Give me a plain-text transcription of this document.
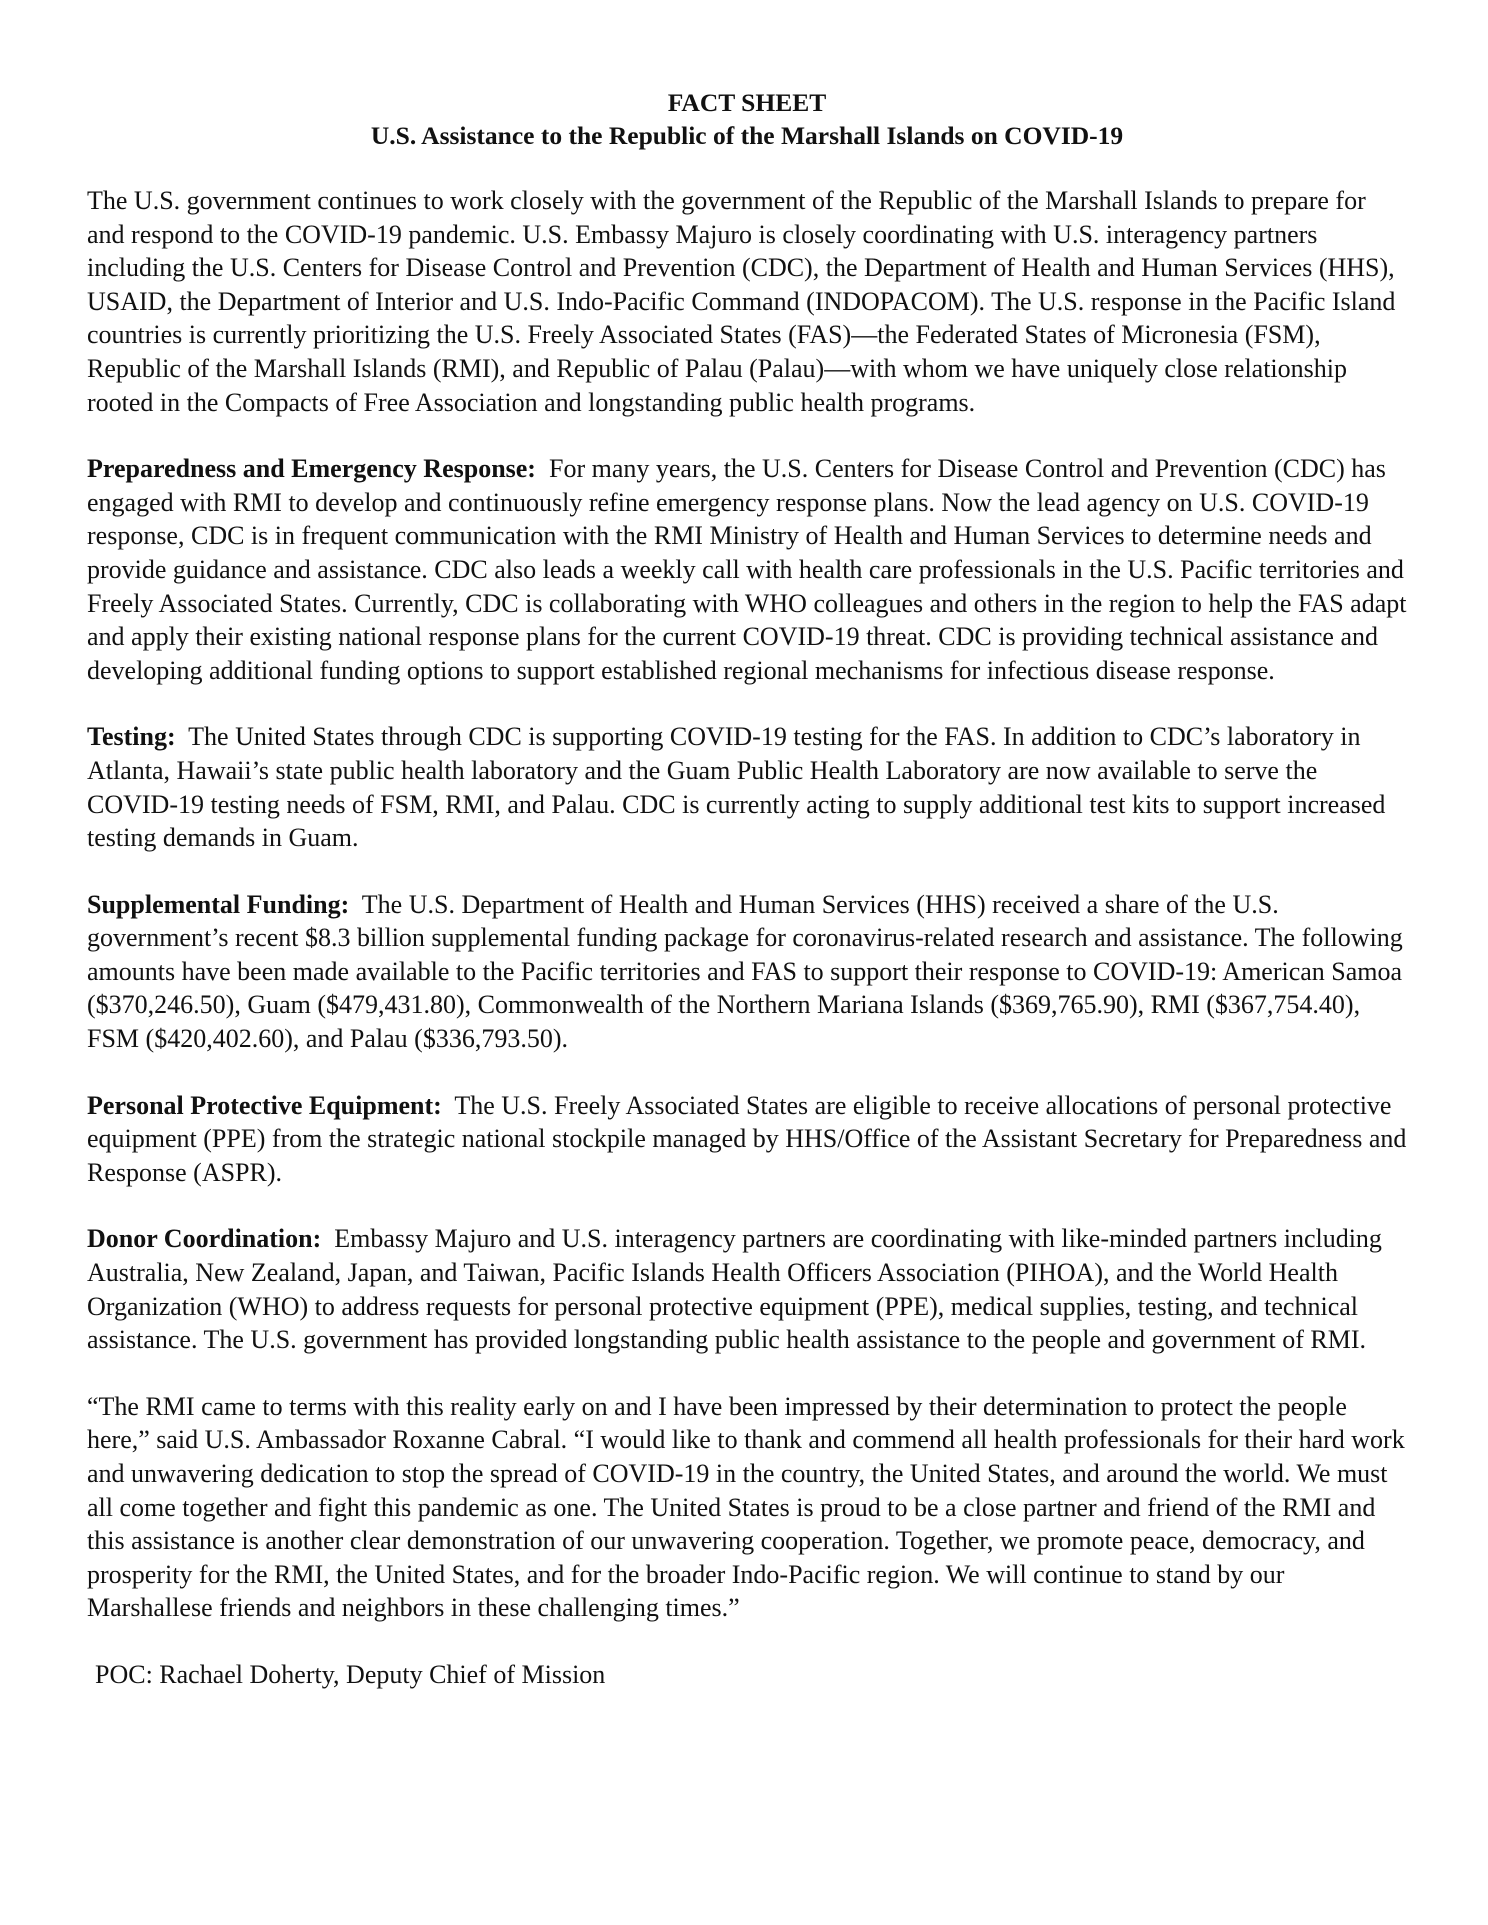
FACT SHEET
U.S. Assistance to the Republic of the Marshall Islands on COVID-19

The U.S. government continues to work closely with the government of the Republic of the Marshall Islands to prepare for and respond to the COVID-19 pandemic. U.S. Embassy Majuro is closely coordinating with U.S. interagency partners including the U.S. Centers for Disease Control and Prevention (CDC), the Department of Health and Human Services (HHS), USAID, the Department of Interior and U.S. Indo-Pacific Command (INDOPACOM). The U.S. response in the Pacific Island countries is currently prioritizing the U.S. Freely Associated States (FAS)—the Federated States of Micronesia (FSM), Republic of the Marshall Islands (RMI), and Republic of Palau (Palau)—with whom we have uniquely close relationship rooted in the Compacts of Free Association and longstanding public health programs.

Preparedness and Emergency Response: For many years, the U.S. Centers for Disease Control and Prevention (CDC) has engaged with RMI to develop and continuously refine emergency response plans. Now the lead agency on U.S. COVID-19 response, CDC is in frequent communication with the RMI Ministry of Health and Human Services to determine needs and provide guidance and assistance. CDC also leads a weekly call with health care professionals in the U.S. Pacific territories and Freely Associated States. Currently, CDC is collaborating with WHO colleagues and others in the region to help the FAS adapt and apply their existing national response plans for the current COVID-19 threat. CDC is providing technical assistance and developing additional funding options to support established regional mechanisms for infectious disease response.

Testing: The United States through CDC is supporting COVID-19 testing for the FAS. In addition to CDC’s laboratory in Atlanta, Hawaii’s state public health laboratory and the Guam Public Health Laboratory are now available to serve the COVID-19 testing needs of FSM, RMI, and Palau. CDC is currently acting to supply additional test kits to support increased testing demands in Guam.

Supplemental Funding: The U.S. Department of Health and Human Services (HHS) received a share of the U.S. government’s recent $8.3 billion supplemental funding package for coronavirus-related research and assistance. The following amounts have been made available to the Pacific territories and FAS to support their response to COVID-19: American Samoa ($370,246.50), Guam ($479,431.80), Commonwealth of the Northern Mariana Islands ($369,765.90), RMI ($367,754.40), FSM ($420,402.60), and Palau ($336,793.50).

Personal Protective Equipment: The U.S. Freely Associated States are eligible to receive allocations of personal protective equipment (PPE) from the strategic national stockpile managed by HHS/Office of the Assistant Secretary for Preparedness and Response (ASPR).

Donor Coordination: Embassy Majuro and U.S. interagency partners are coordinating with like-minded partners including Australia, New Zealand, Japan, and Taiwan, Pacific Islands Health Officers Association (PIHOA), and the World Health Organization (WHO) to address requests for personal protective equipment (PPE), medical supplies, testing, and technical assistance. The U.S. government has provided longstanding public health assistance to the people and government of RMI.

“The RMI came to terms with this reality early on and I have been impressed by their determination to protect the people here,” said U.S. Ambassador Roxanne Cabral. “I would like to thank and commend all health professionals for their hard work and unwavering dedication to stop the spread of COVID-19 in the country, the United States, and around the world. We must all come together and fight this pandemic as one. The United States is proud to be a close partner and friend of the RMI and this assistance is another clear demonstration of our unwavering cooperation. Together, we promote peace, democracy, and prosperity for the RMI, the United States, and for the broader Indo-Pacific region. We will continue to stand by our Marshallese friends and neighbors in these challenging times.”

POC: Rachael Doherty, Deputy Chief of Mission
